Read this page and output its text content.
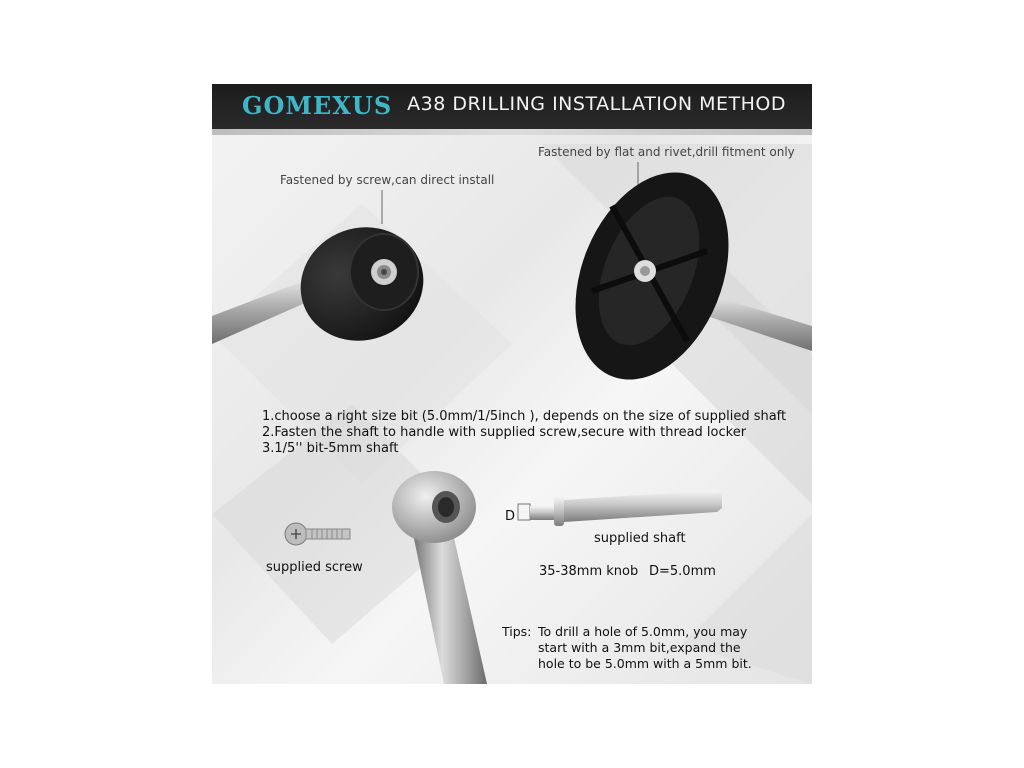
GOMEXUS A38 DRILLING INSTALLATION METHOD
Fastened by screw,can direct install
Fastened by flat and rivet,drill fitment only
1.choose a right size bit (5.0mm/1/5inch ), depends on the size of supplied shaft
2.Fasten the shaft to handle with supplied screw,secure with thread locker
3.1/5'' bit-5mm shaft
supplied screw
D
supplied shaft
35-38mm knob D=5.0mm
Tips: To drill a hole of 5.0mm, you may
start with a 3mm bit,expand the
hole to be 5.0mm with a 5mm bit.
